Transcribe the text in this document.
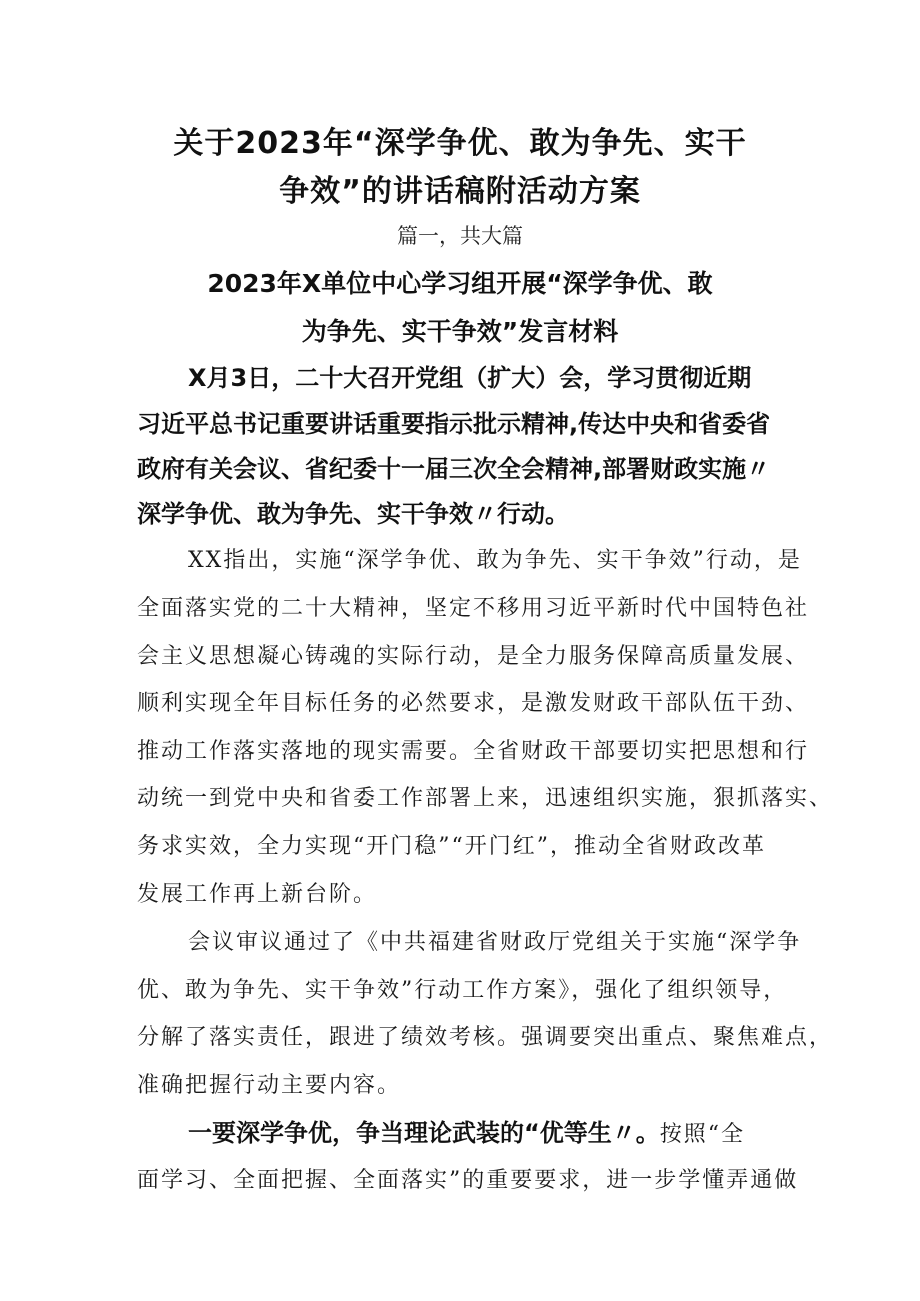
关于2023年“深学争优、敢为争先、实干
争效”的讲话稿附活动方案
篇一，共大篇
2023年X单位中心学习组开展“深学争优、敢
为争先、实干争效”发言材料
X月3日，二十大召开党组（扩大）会，学习贯彻近期
习近平总书记重要讲话重要指示批示精神,传达中央和省委省
政府有关会议、省纪委十一届三次全会精神,部署财政实施〃
深学争优、敢为争先、实干争效〃行动。
XX指出，实施“深学争优、敢为争先、实干争效”行动，是
全面落实党的二十大精神，坚定不移用习近平新时代中国特色社
会主义思想凝心铸魂的实际行动，是全力服务保障高质量发展、
顺利实现全年目标任务的必然要求，是激发财政干部队伍干劲、
推动工作落实落地的现实需要。全省财政干部要切实把思想和行
动统一到党中央和省委工作部署上来，迅速组织实施，狠抓落实、
务求实效，全力实现“开门稳”“开门红”，推动全省财政改革
发展工作再上新台阶。
会议审议通过了《中共福建省财政厅党组关于实施“深学争
优、敢为争先、实干争效”行动工作方案》，强化了组织领导，
分解了落实责任，跟进了绩效考核。强调要突出重点、聚焦难点，
准确把握行动主要内容。
一要深学争优，争当理论武装的“优等生〃。按照“全
面学习、全面把握、全面落实”的重要要求，进一步学懂弄通做
